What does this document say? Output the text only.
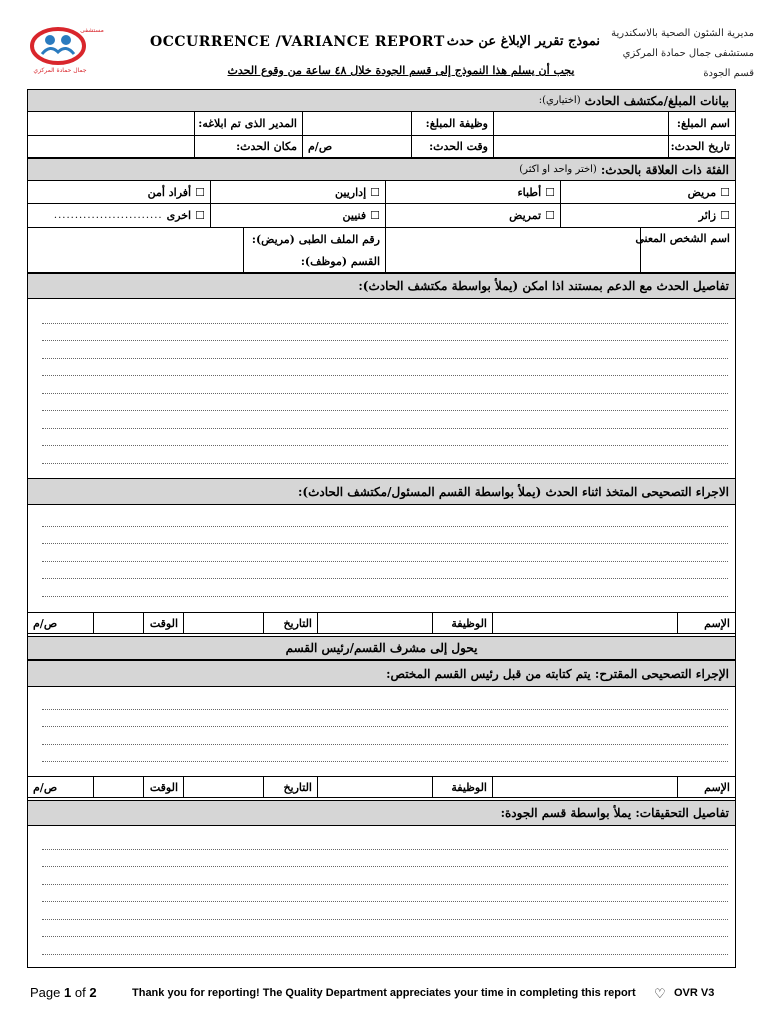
مستشفى
جمال حمادة المركزي
OCCURRENCE /VARIANCE REPORT نموذج تقرير الإبلاغ عن حدث
يجب أن يسلم هذا النموذج إلى قسم الجودة خلال ٤٨ ساعة من وقوع الحدث
مديرية الشئون الصحية بالاسكندرية
مستشفى جمال حمادة المركزي
قسم الجودة
بيانات المبلغ/مكتشف الحادث
(اختياري):
اسم المبلغ:
وظيفة المبلغ:
المدير الذى تم ابلاغه:
تاريخ الحدث:
وقت الحدث:
ص/م
مكان الحدث:
الفئة ذات العلاقة بالحدث:
(اختر واحد او اكثر)
☐
مريض
☐
أطباء
☐
إداريين
☐
أفراد أمن
☐
زائر
☐
تمريض
☐
فنيين
☐
اخرى
..........................
اسم الشخص المعنى
رقم الملف الطبى (مريض):
القسم (موظف):
تفاصيل الحدث مع الدعم بمستند اذا امكن (يملأ بواسطة مكتشف الحادث):
الاجراء التصحيحى المتخذ اثناء الحدث (يملأ بواسطة القسم المسئول/مكتشف الحادث):
الإسم
الوظيفة
التاريخ
الوقت
ص/م
يحول إلى مشرف القسم/رئيس القسم
الإجراء التصحيحى المقترح: يتم كتابته من قبل رئيس القسم المختص:
الإسم
الوظيفة
التاريخ
الوقت
ص/م
تفاصيل التحقيقات: يملأ بواسطة قسم الجودة:
Page 1 of 2	Thank you for reporting! The Quality Department appreciates your time in completing this report ♡ OVR V3
